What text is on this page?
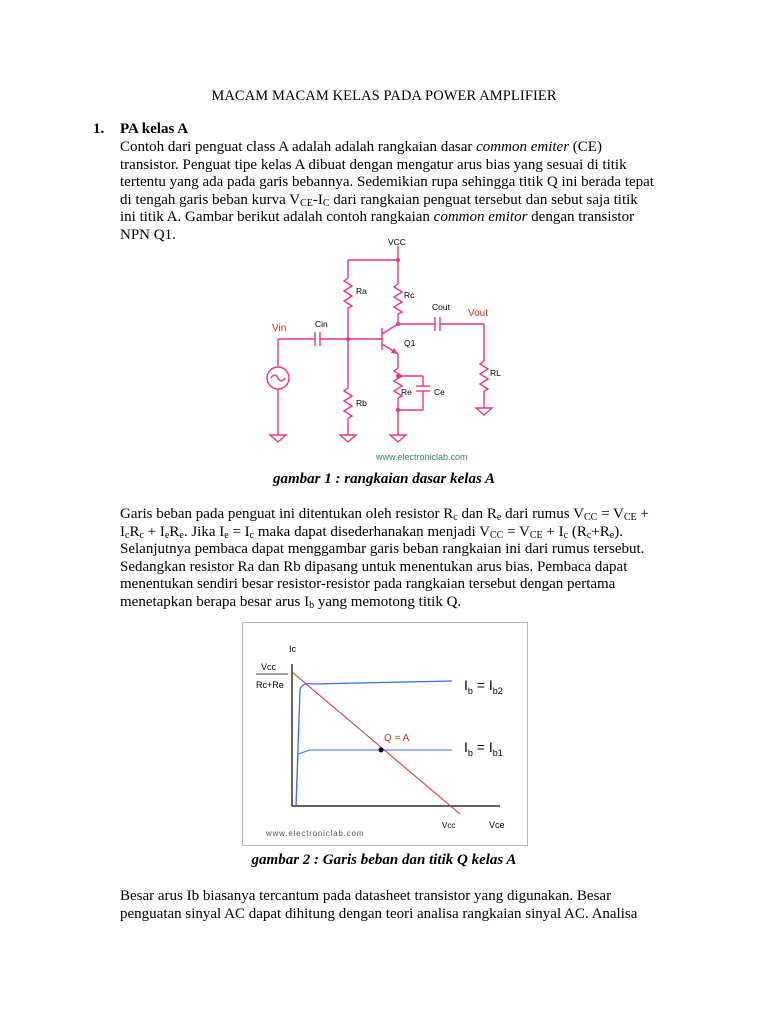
MACAM MACAM KELAS PADA POWER AMPLIFIER
1. PA kelas A
Contoh dari penguat class A adalah adalah rangkaian dasar common emiter (CE)
transistor. Penguat tipe kelas A dibuat dengan mengatur arus bias yang sesuai di titik
tertentu yang ada pada garis bebannya. Sedemikian rupa sehingga titik Q ini berada tepat
di tengah garis beban kurva $V_{CE}-I_C$ dari rangkaian penguat tersebut dan sebut saja titik
ini titik A. Gambar berikut adalah contoh rangkaian common emitor dengan transistor
NPN Q1.	VCC
Ra	Rc
Cout
Vout
Vin	Cin
Q1
RL
Re	Ce
Rb
www.electroniclab.com
gambar 1 : rangkaian dasar kelas A
Garis beban pada penguat ini ditentukan oleh resistor $R_c$ dan $R_e$ dari rumus $V_{CC} = V_{CE}$ +
$I_cR_c + I_eR_e$. Jika $I_e = I_c$ maka dapat disederhanakan menjadi $V_{CC} = V_{CE} + I_c$ $(R_c+R_e)$.
Selanjutnya pembaca dapat menggambar garis beban rangkaian ini dari rumus tersebut.
Sedangkan resistor Ra dan Rb dipasang untuk menentukan arus bias. Pembaca dapat
menentukan sendiri besar resistor-resistor pada rangkaian tersebut dengan pertama
menetapkan berapa besar arus $I_b$ yang memotong titik Q.
Ic
Vcc
Rc+Re	$I_b = I_{b2}$
$I_b = I_{b1}$
Q = A
Vcc	Vce
www.electroniclab.com
gambar 2 : Garis beban dan titik Q kelas A
Besar arus Ib biasanya tercantum pada datasheet transistor yang digunakan. Besar
penguatan sinyal AC dapat dihitung dengan teori analisa rangkaian sinyal AC. Analisa
